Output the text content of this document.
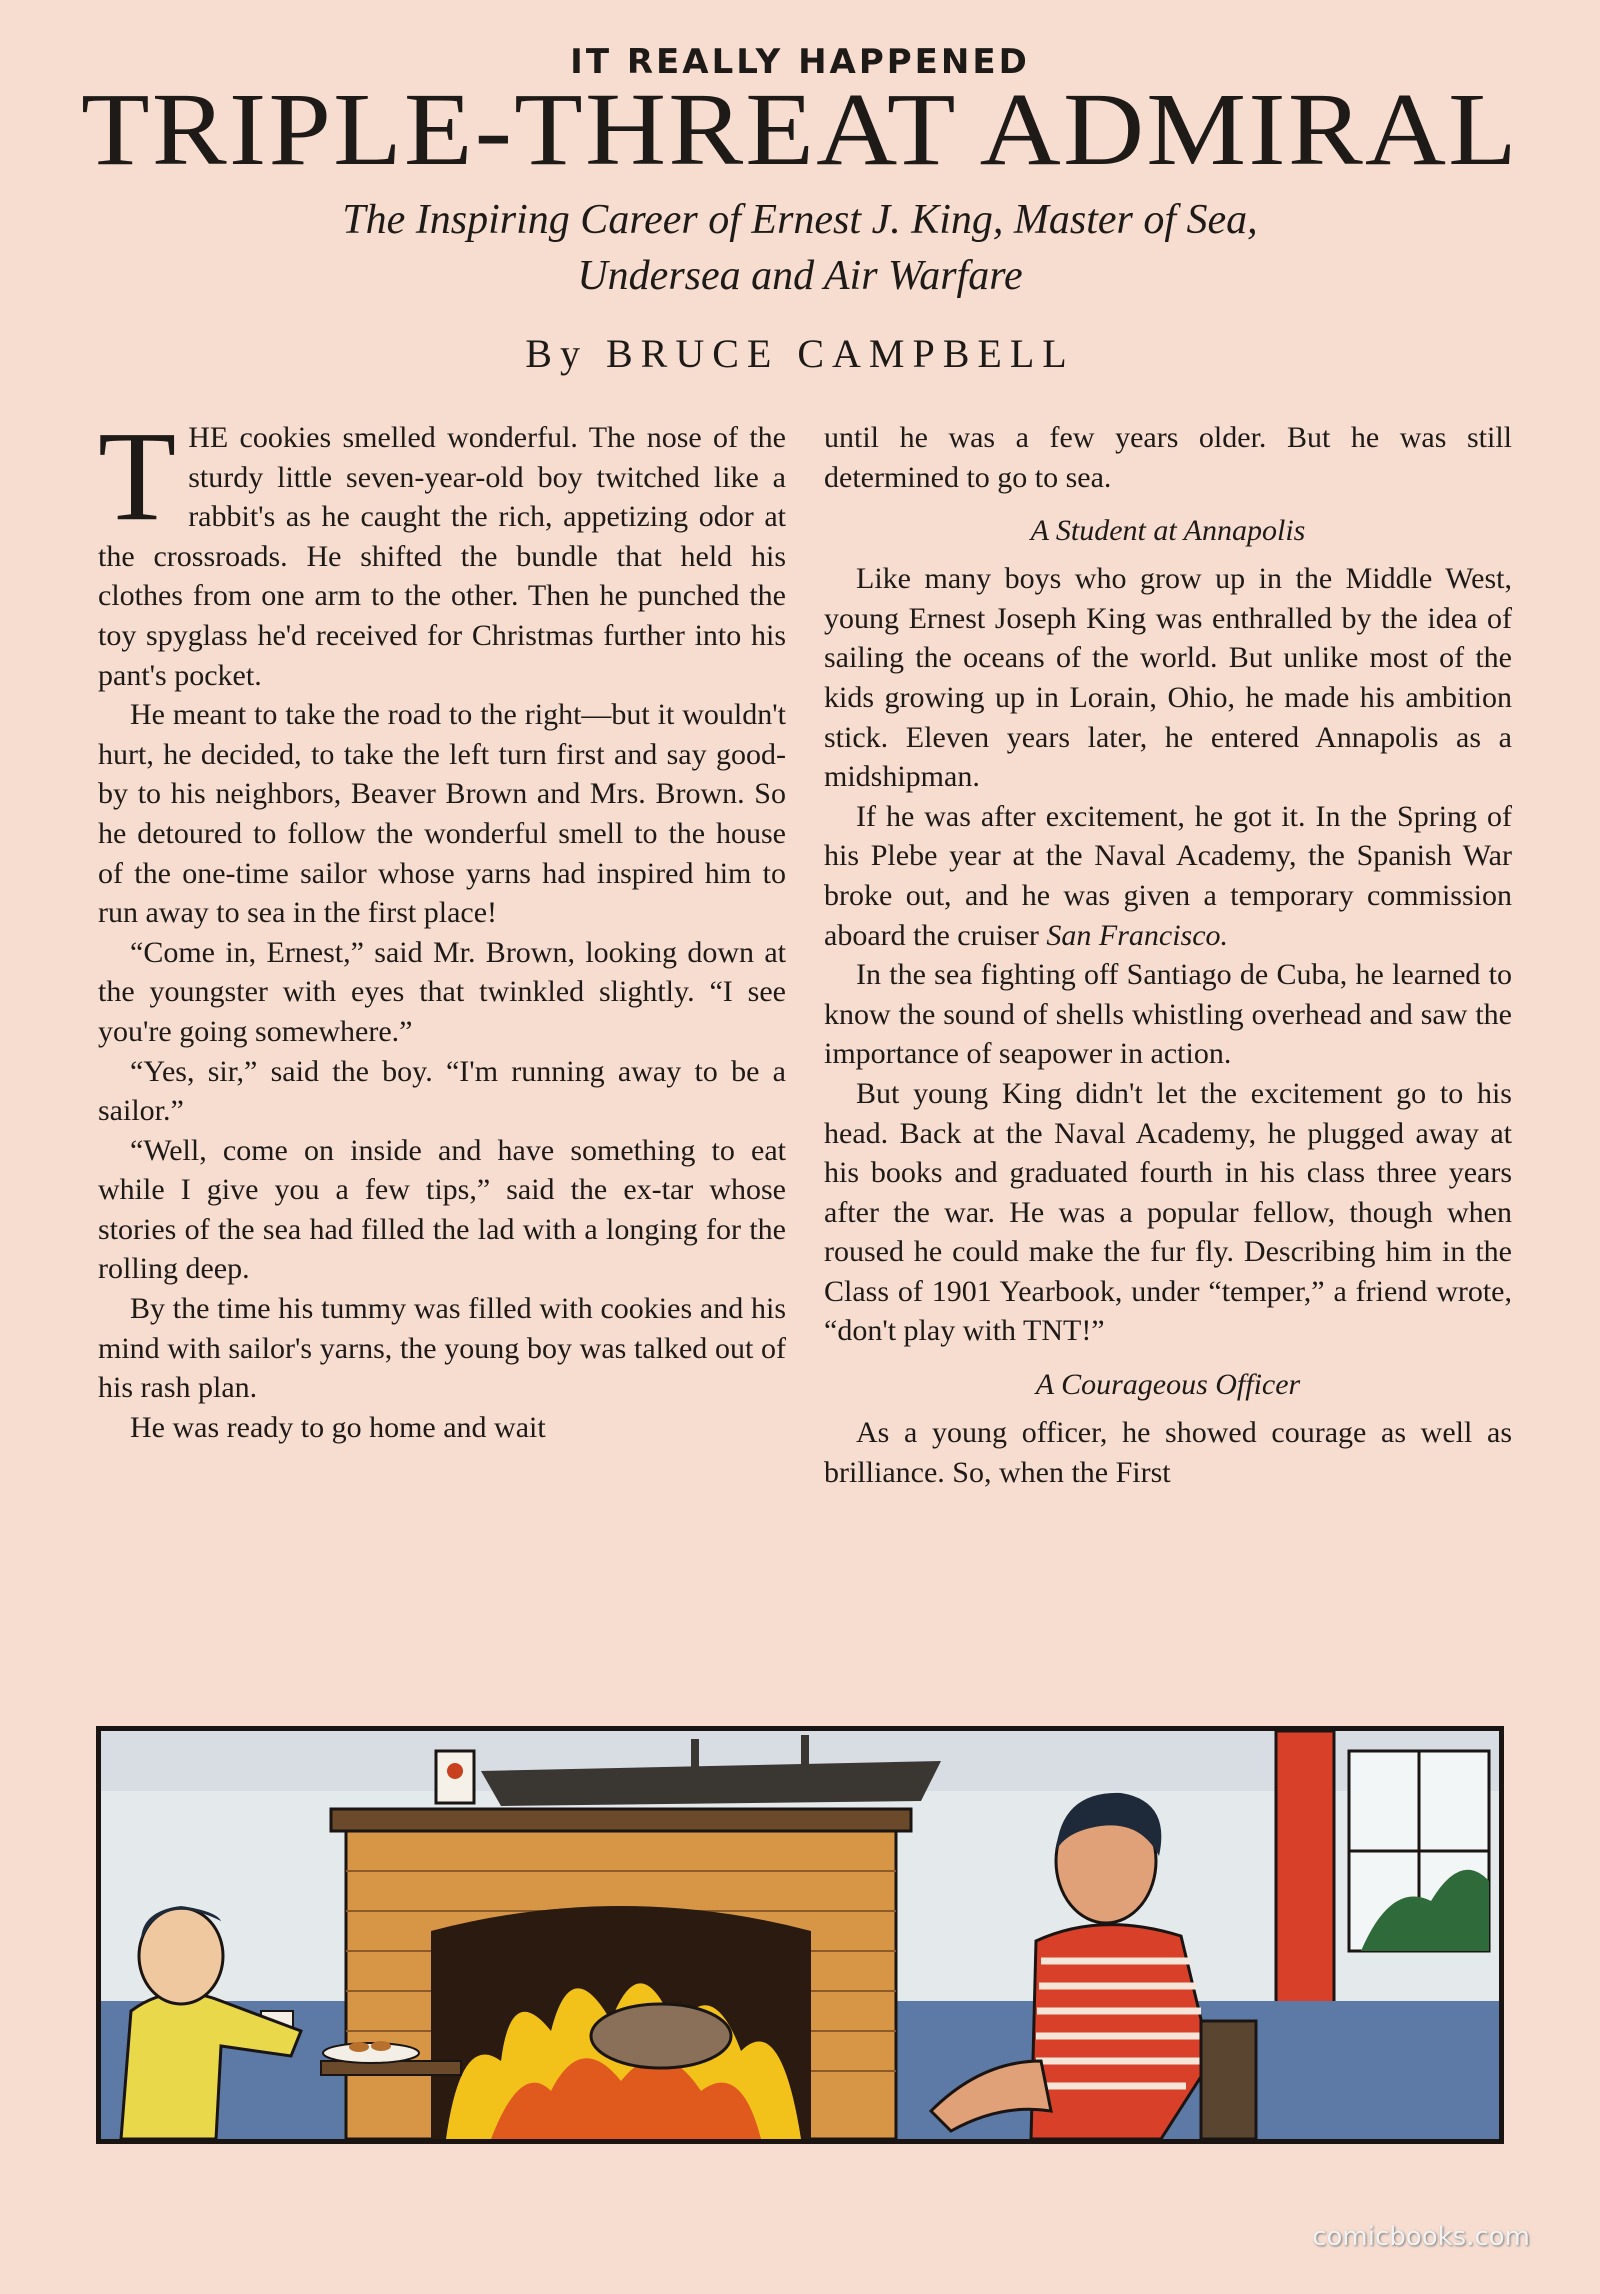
IT REALLY HAPPENED
TRIPLE-THREAT ADMIRAL
The Inspiring Career of Ernest J. King, Master of Sea,
Undersea and Air Warfare
By BRUCE CAMPBELL

THE cookies smelled wonderful. The nose of the sturdy little seven-year-old boy twitched like a rabbit's as he caught the rich, appetizing odor at the crossroads. He shifted the bundle that held his clothes from one arm to the other. Then he punched the toy spyglass he'd received for Christmas further into his pant's pocket.

He meant to take the road to the right—but it wouldn't hurt, he decided, to take the left turn first and say good-by to his neighbors, Beaver Brown and Mrs. Brown. So he detoured to follow the wonderful smell to the house of the one-time sailor whose yarns had inspired him to run away to sea in the first place!

“Come in, Ernest,” said Mr. Brown, looking down at the youngster with eyes that twinkled slightly. “I see you're going somewhere.”

“Yes, sir,” said the boy. “I'm running away to be a sailor.”

“Well, come on inside and have something to eat while I give you a few tips,” said the ex-tar whose stories of the sea had filled the lad with a longing for the rolling deep.

By the time his tummy was filled with cookies and his mind with sailor's yarns, the young boy was talked out of his rash plan.

He was ready to go home and wait

until he was a few years older. But he was still determined to go to sea.

A Student at Annapolis

Like many boys who grow up in the Middle West, young Ernest Joseph King was enthralled by the idea of sailing the oceans of the world. But unlike most of the kids growing up in Lorain, Ohio, he made his ambition stick. Eleven years later, he entered Annapolis as a midshipman.

If he was after excitement, he got it. In the Spring of his Plebe year at the Naval Academy, the Spanish War broke out, and he was given a temporary commission aboard the cruiser San Francisco.

In the sea fighting off Santiago de Cuba, he learned to know the sound of shells whistling overhead and saw the importance of seapower in action.

But young King didn't let the excitement go to his head. Back at the Naval Academy, he plugged away at his books and graduated fourth in his class three years after the war. He was a popular fellow, though when roused he could make the fur fly. Describing him in the Class of 1901 Yearbook, under “temper,” a friend wrote, “don't play with TNT!”

A Courageous Officer

As a young officer, he showed courage as well as brilliance. So, when the First

comicbooks.com
